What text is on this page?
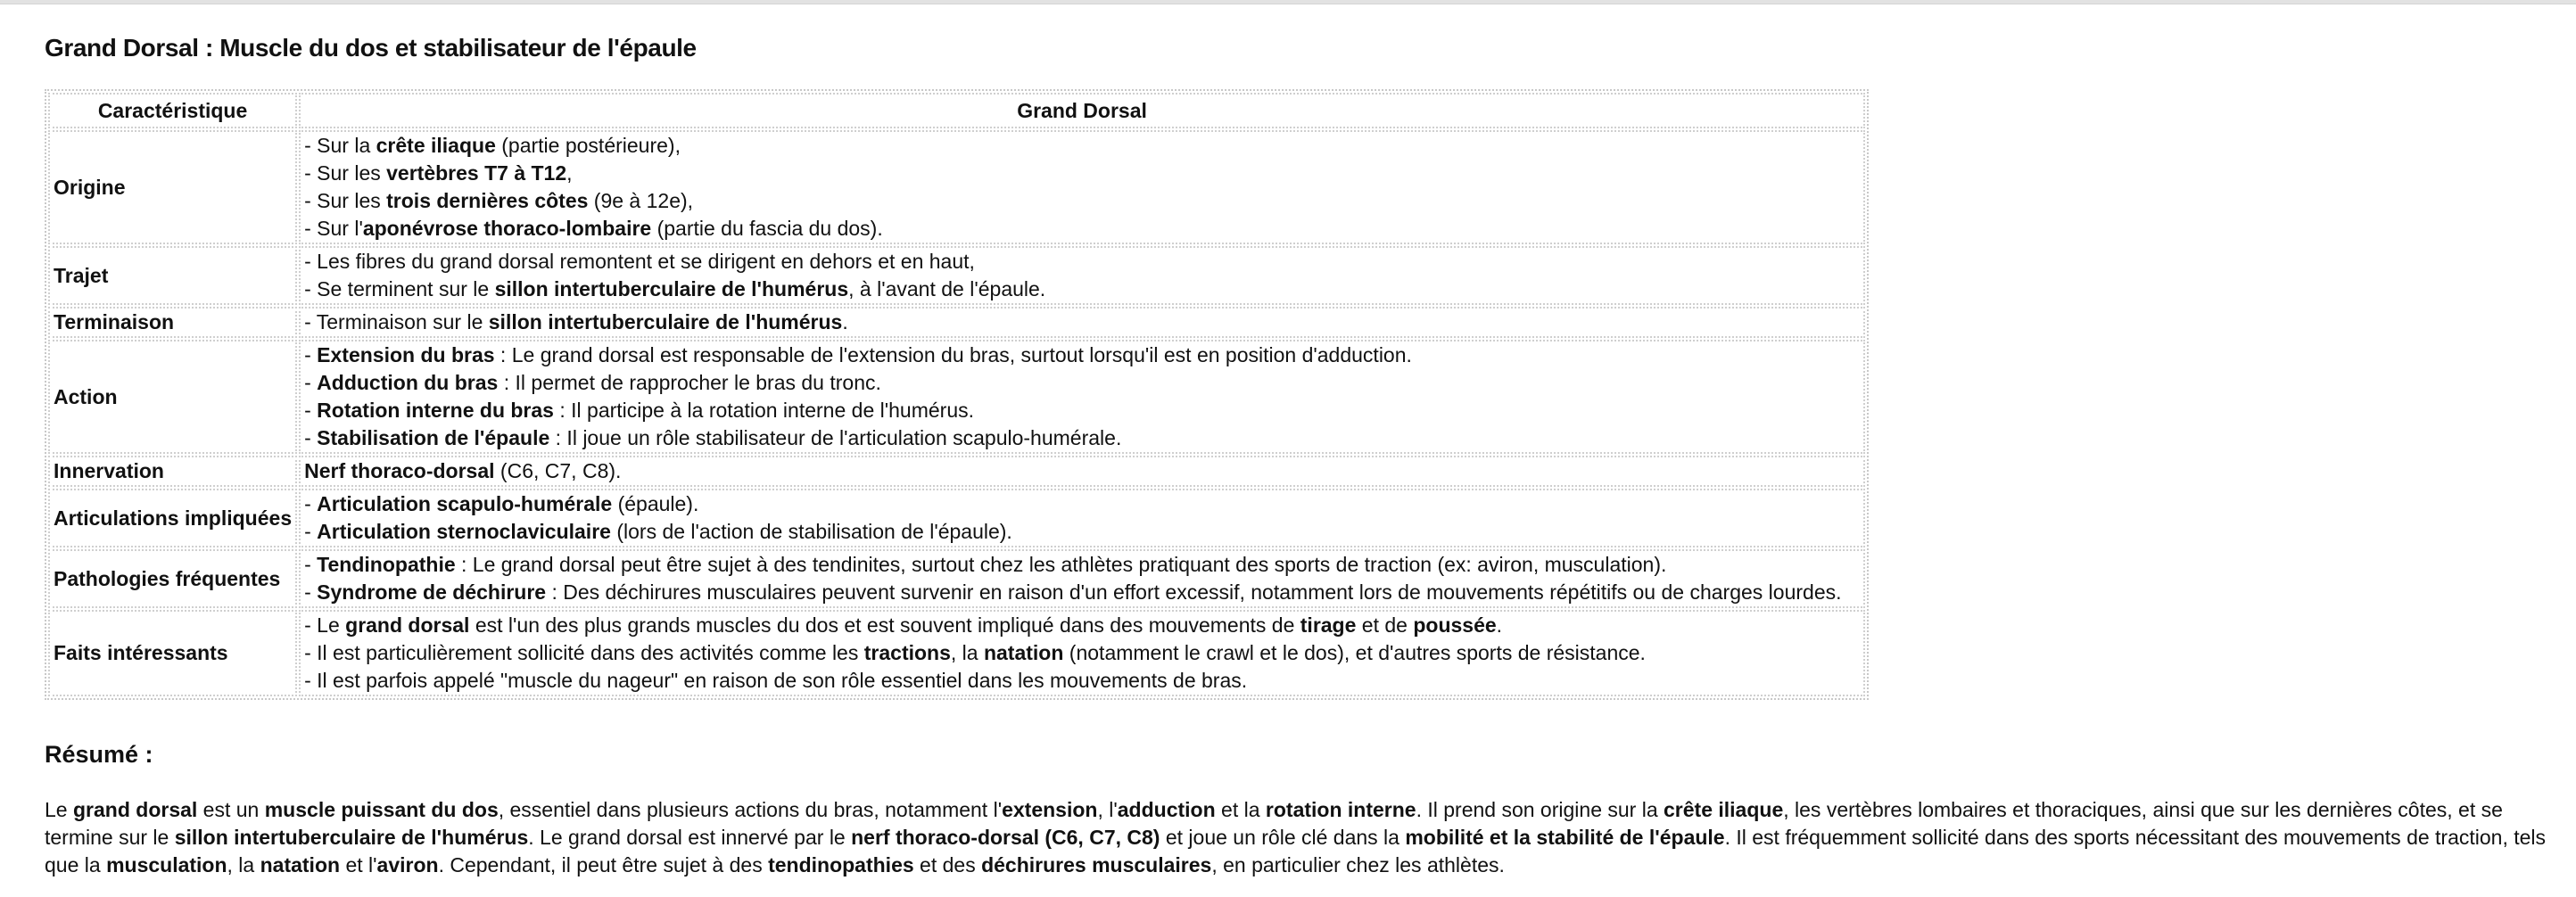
Grand Dorsal : Muscle du dos et stabilisateur de l'épaule
Caractéristique	Grand Dorsal
Origine	- Sur la crête iliaque (partie postérieure),
- Sur les vertèbres T7 à T12,
- Sur les trois dernières côtes (9e à 12e),
- Sur l'aponévrose thoraco-lombaire (partie du fascia du dos).

Trajet	- Les fibres du grand dorsal remontent et se dirigent en dehors et en haut,
- Se terminent sur le sillon intertuberculaire de l'humérus, à l'avant de l'épaule.

Terminaison	- Terminaison sur le sillon intertuberculaire de l'humérus.

Action	- Extension du bras : Le grand dorsal est responsable de l'extension du bras, surtout lorsqu'il est en position d'adduction.
- Adduction du bras : Il permet de rapprocher le bras du tronc.
- Rotation interne du bras : Il participe à la rotation interne de l'humérus.
- Stabilisation de l'épaule : Il joue un rôle stabilisateur de l'articulation scapulo-humérale.

Innervation	Nerf thoraco-dorsal (C6, C7, C8).

Articulations impliquées	- Articulation scapulo-humérale (épaule).
- Articulation sternoclaviculaire (lors de l'action de stabilisation de l'épaule).

Pathologies fréquentes	- Tendinopathie : Le grand dorsal peut être sujet à des tendinites, surtout chez les athlètes pratiquant des sports de traction (ex: aviron, musculation).
- Syndrome de déchirure : Des déchirures musculaires peuvent survenir en raison d'un effort excessif, notamment lors de mouvements répétitifs ou de charges lourdes.

Faits intéressants	- Le grand dorsal est l'un des plus grands muscles du dos et est souvent impliqué dans des mouvements de tirage et de poussée.
- Il est particulièrement sollicité dans des activités comme les tractions, la natation (notamment le crawl et le dos), et d'autres sports de résistance.
- Il est parfois appelé "muscle du nageur" en raison de son rôle essentiel dans les mouvements de bras.
Résumé :

Le grand dorsal est un muscle puissant du dos, essentiel dans plusieurs actions du bras, notamment l'extension, l'adduction et la rotation interne. Il prend son origine sur la crête iliaque, les vertèbres lombaires et thoraciques, ainsi que sur les dernières côtes, et se termine sur le sillon intertuberculaire de l'humérus. Le grand dorsal est innervé par le nerf thoraco-dorsal (C6, C7, C8) et joue un rôle clé dans la mobilité et la stabilité de l'épaule. Il est fréquemment sollicité dans des sports nécessitant des mouvements de traction, tels que la musculation, la natation et l'aviron. Cependant, il peut être sujet à des tendinopathies et des déchirures musculaires, en particulier chez les athlètes.
